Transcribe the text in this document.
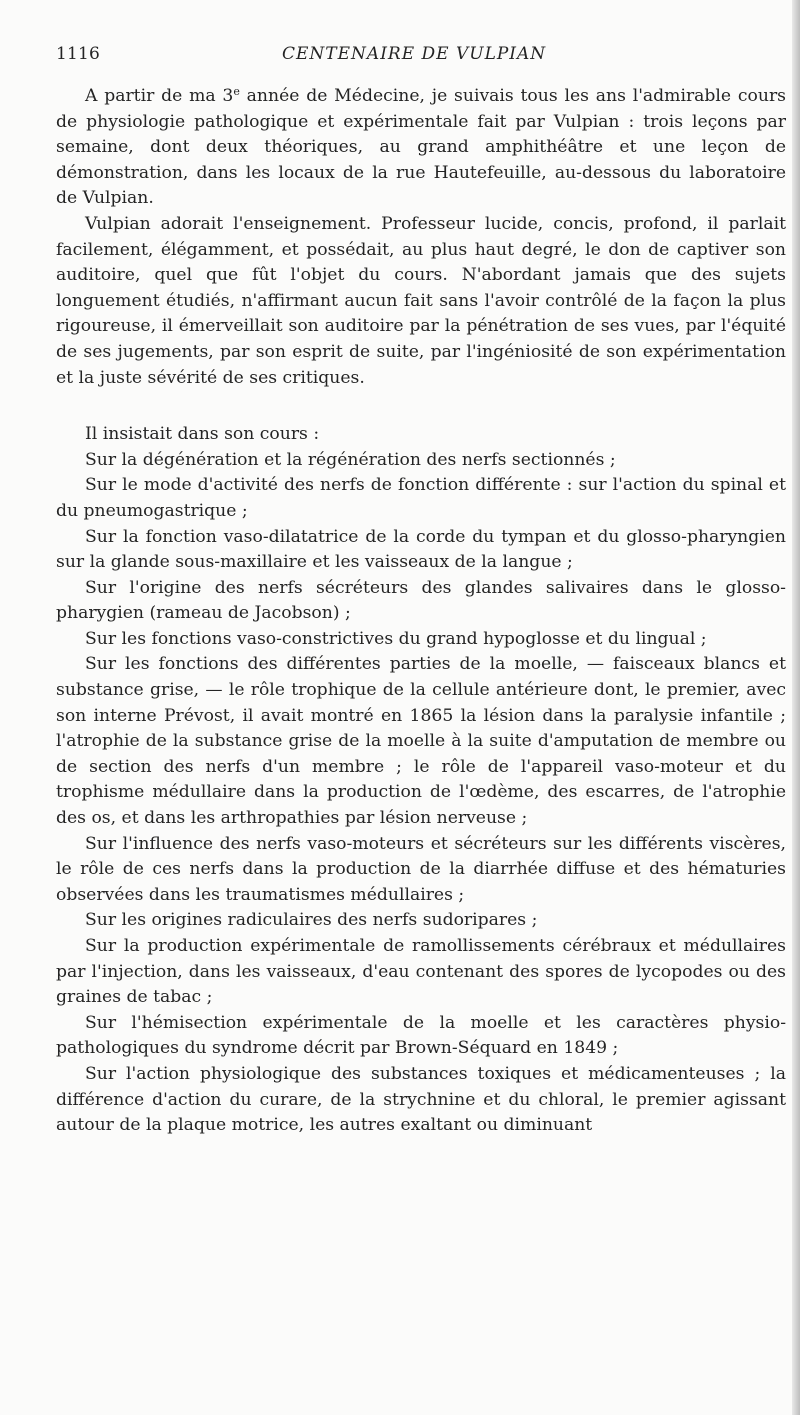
1116	CENTENAIRE DE VULPIAN

A partir de ma 3e année de Médecine, je suivais tous les ans l'admirable cours de physiologie pathologique et expérimentale fait par Vulpian : trois leçons par semaine, dont deux théoriques, au grand amphithéâtre et une leçon de démonstration, dans les locaux de la rue Hautefeuille, au-dessous du laboratoire de Vulpian.

Vulpian adorait l'enseignement. Professeur lucide, concis, profond, il parlait facilement, élégamment, et possédait, au plus haut degré, le don de captiver son auditoire, quel que fût l'objet du cours. N'abordant jamais que des sujets longuement étudiés, n'affirmant aucun fait sans l'avoir contrôlé de la façon la plus rigoureuse, il émerveillait son auditoire par la pénétration de ses vues, par l'équité de ses jugements, par son esprit de suite, par l'ingéniosité de son expérimentation et la juste sévérité de ses critiques.

Il insistait dans son cours :

Sur la dégénération et la régénération des nerfs sectionnés ;

Sur le mode d'activité des nerfs de fonction différente : sur l'action du spinal et du pneumogastrique ;

Sur la fonction vaso-dilatatrice de la corde du tympan et du glosso-pharyngien sur la glande sous-maxillaire et les vaisseaux de la langue ;

Sur l'origine des nerfs sécréteurs des glandes salivaires dans le glosso-pharygien (rameau de Jacobson) ;

Sur les fonctions vaso-constrictives du grand hypoglosse et du lingual ;

Sur les fonctions des différentes parties de la moelle, — faisceaux blancs et substance grise, — le rôle trophique de la cellule antérieure dont, le premier, avec son interne Prévost, il avait montré en 1865 la lésion dans la paralysie infantile ; l'atrophie de la substance grise de la moelle à la suite d'amputation de membre ou de section des nerfs d'un membre ; le rôle de l'appareil vaso-moteur et du trophisme médullaire dans la production de l'œdème, des escarres, de l'atrophie des os, et dans les arthropathies par lésion nerveuse ;

Sur l'influence des nerfs vaso-moteurs et sécréteurs sur les différents viscères, le rôle de ces nerfs dans la production de la diarrhée diffuse et des hématuries observées dans les traumatismes médullaires ;

Sur les origines radiculaires des nerfs sudoripares ;

Sur la production expérimentale de ramollissements cérébraux et médullaires par l'injection, dans les vaisseaux, d'eau contenant des spores de lycopodes ou des graines de tabac ;

Sur l'hémisection expérimentale de la moelle et les caractères physio-pathologiques du syndrome décrit par Brown-Séquard en 1849 ;

Sur l'action physiologique des substances toxiques et médicamenteuses ; la différence d'action du curare, de la strychnine et du chloral, le premier agissant autour de la plaque motrice, les autres exaltant ou diminuant
